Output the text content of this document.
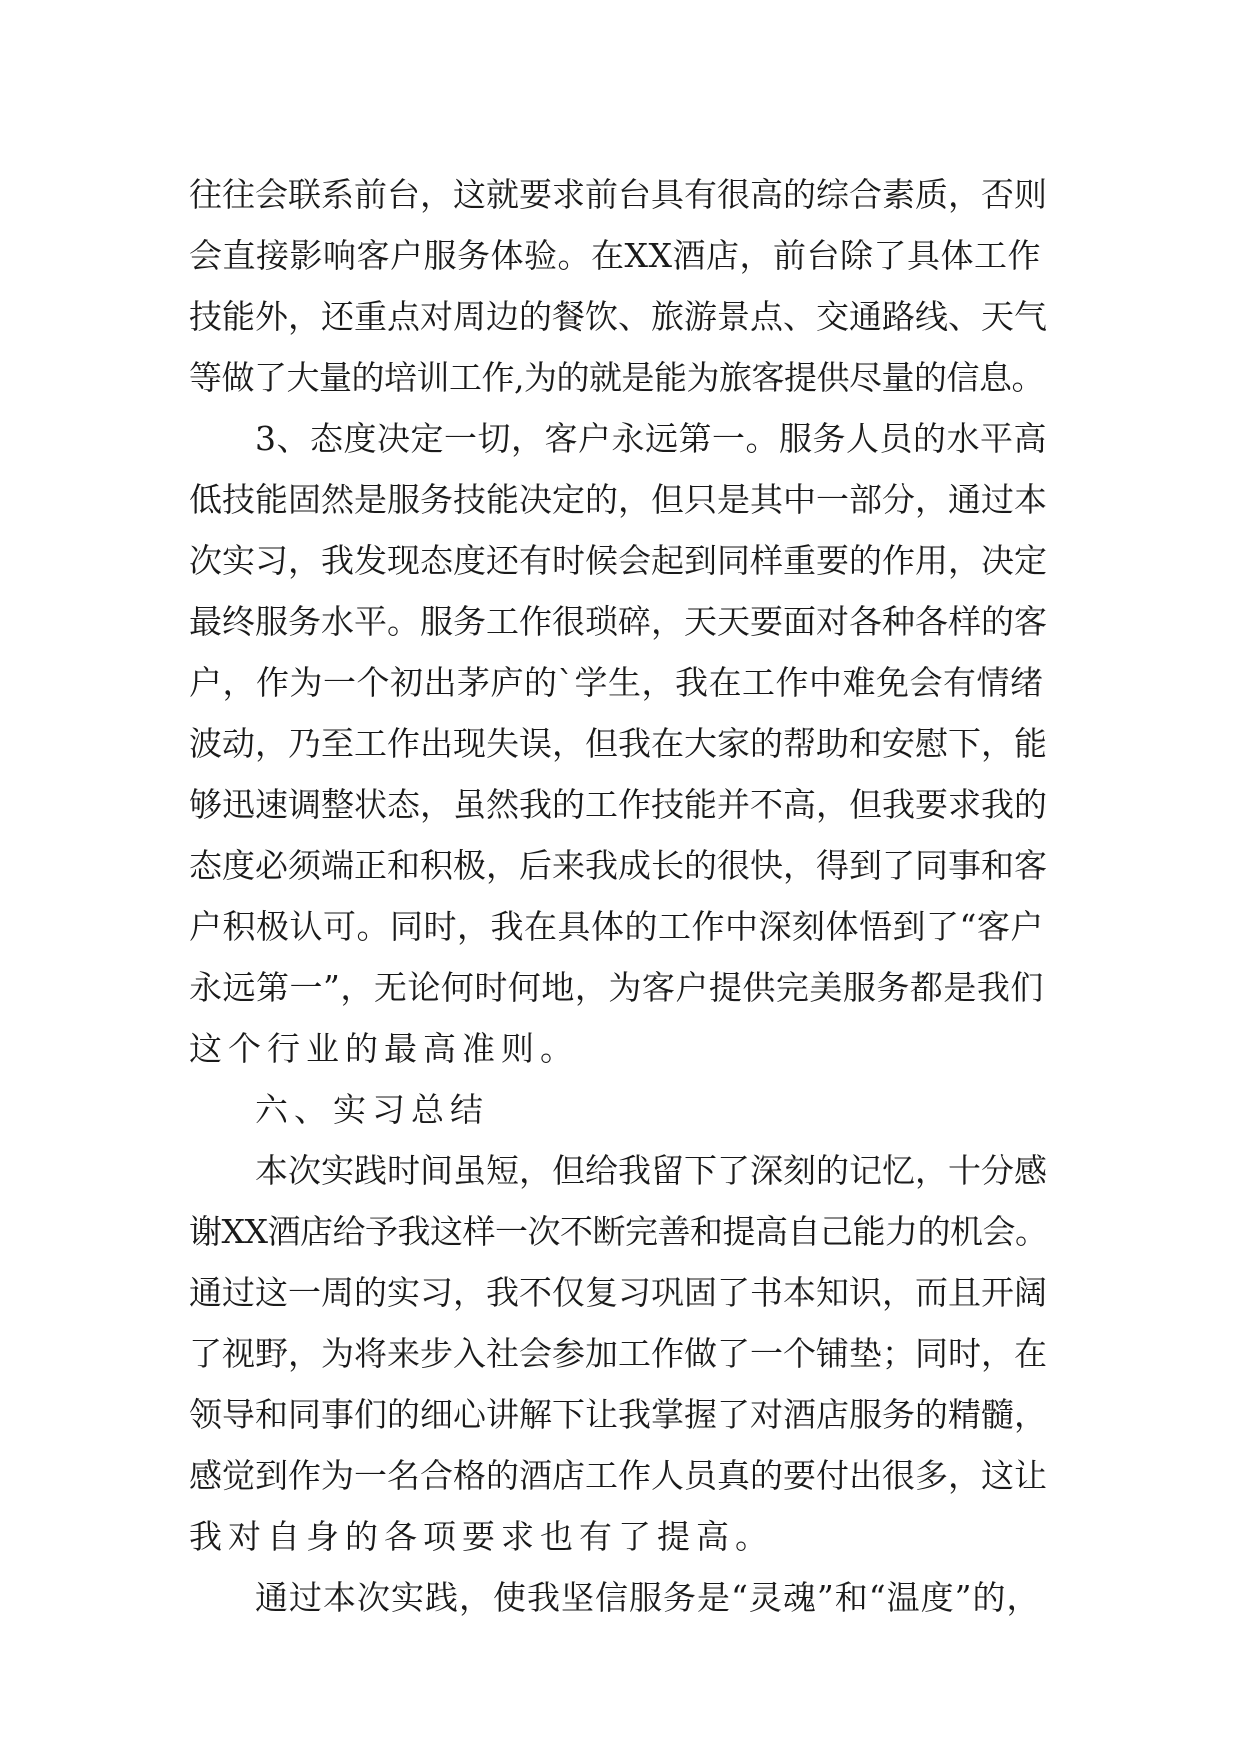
往往会联系前台，这就要求前台具有很高的综合素质，否则
会直接影响客户服务体验。在XX酒店，前台除了具体工作
技能外，还重点对周边的餐饮、旅游景点、交通路线、天气
等做了大量的培训工作,为的就是能为旅客提供尽量的信息。
3、态度决定一切，客户永远第一。服务人员的水平高
低技能固然是服务技能决定的，但只是其中一部分，通过本
次实习，我发现态度还有时候会起到同样重要的作用，决定
最终服务水平。服务工作很琐碎，天天要面对各种各样的客
户，作为一个初出茅庐的`学生，我在工作中难免会有情绪
波动，乃至工作出现失误，但我在大家的帮助和安慰下，能
够迅速调整状态，虽然我的工作技能并不高，但我要求我的
态度必须端正和积极，后来我成长的很快，得到了同事和客
户积极认可。同时，我在具体的工作中深刻体悟到了“客户
永远第一”，无论何时何地，为客户提供完美服务都是我们
这个行业的最高准则。
六、实习总结
本次实践时间虽短，但给我留下了深刻的记忆，十分感
谢XX酒店给予我这样一次不断完善和提高自己能力的机会。
通过这一周的实习，我不仅复习巩固了书本知识，而且开阔
了视野，为将来步入社会参加工作做了一个铺垫；同时，在
领导和同事们的细心讲解下让我掌握了对酒店服务的精髓，
感觉到作为一名合格的酒店工作人员真的要付出很多，这让
我对自身的各项要求也有了提高。
通过本次实践，使我坚信服务是“灵魂”和“温度”的，
